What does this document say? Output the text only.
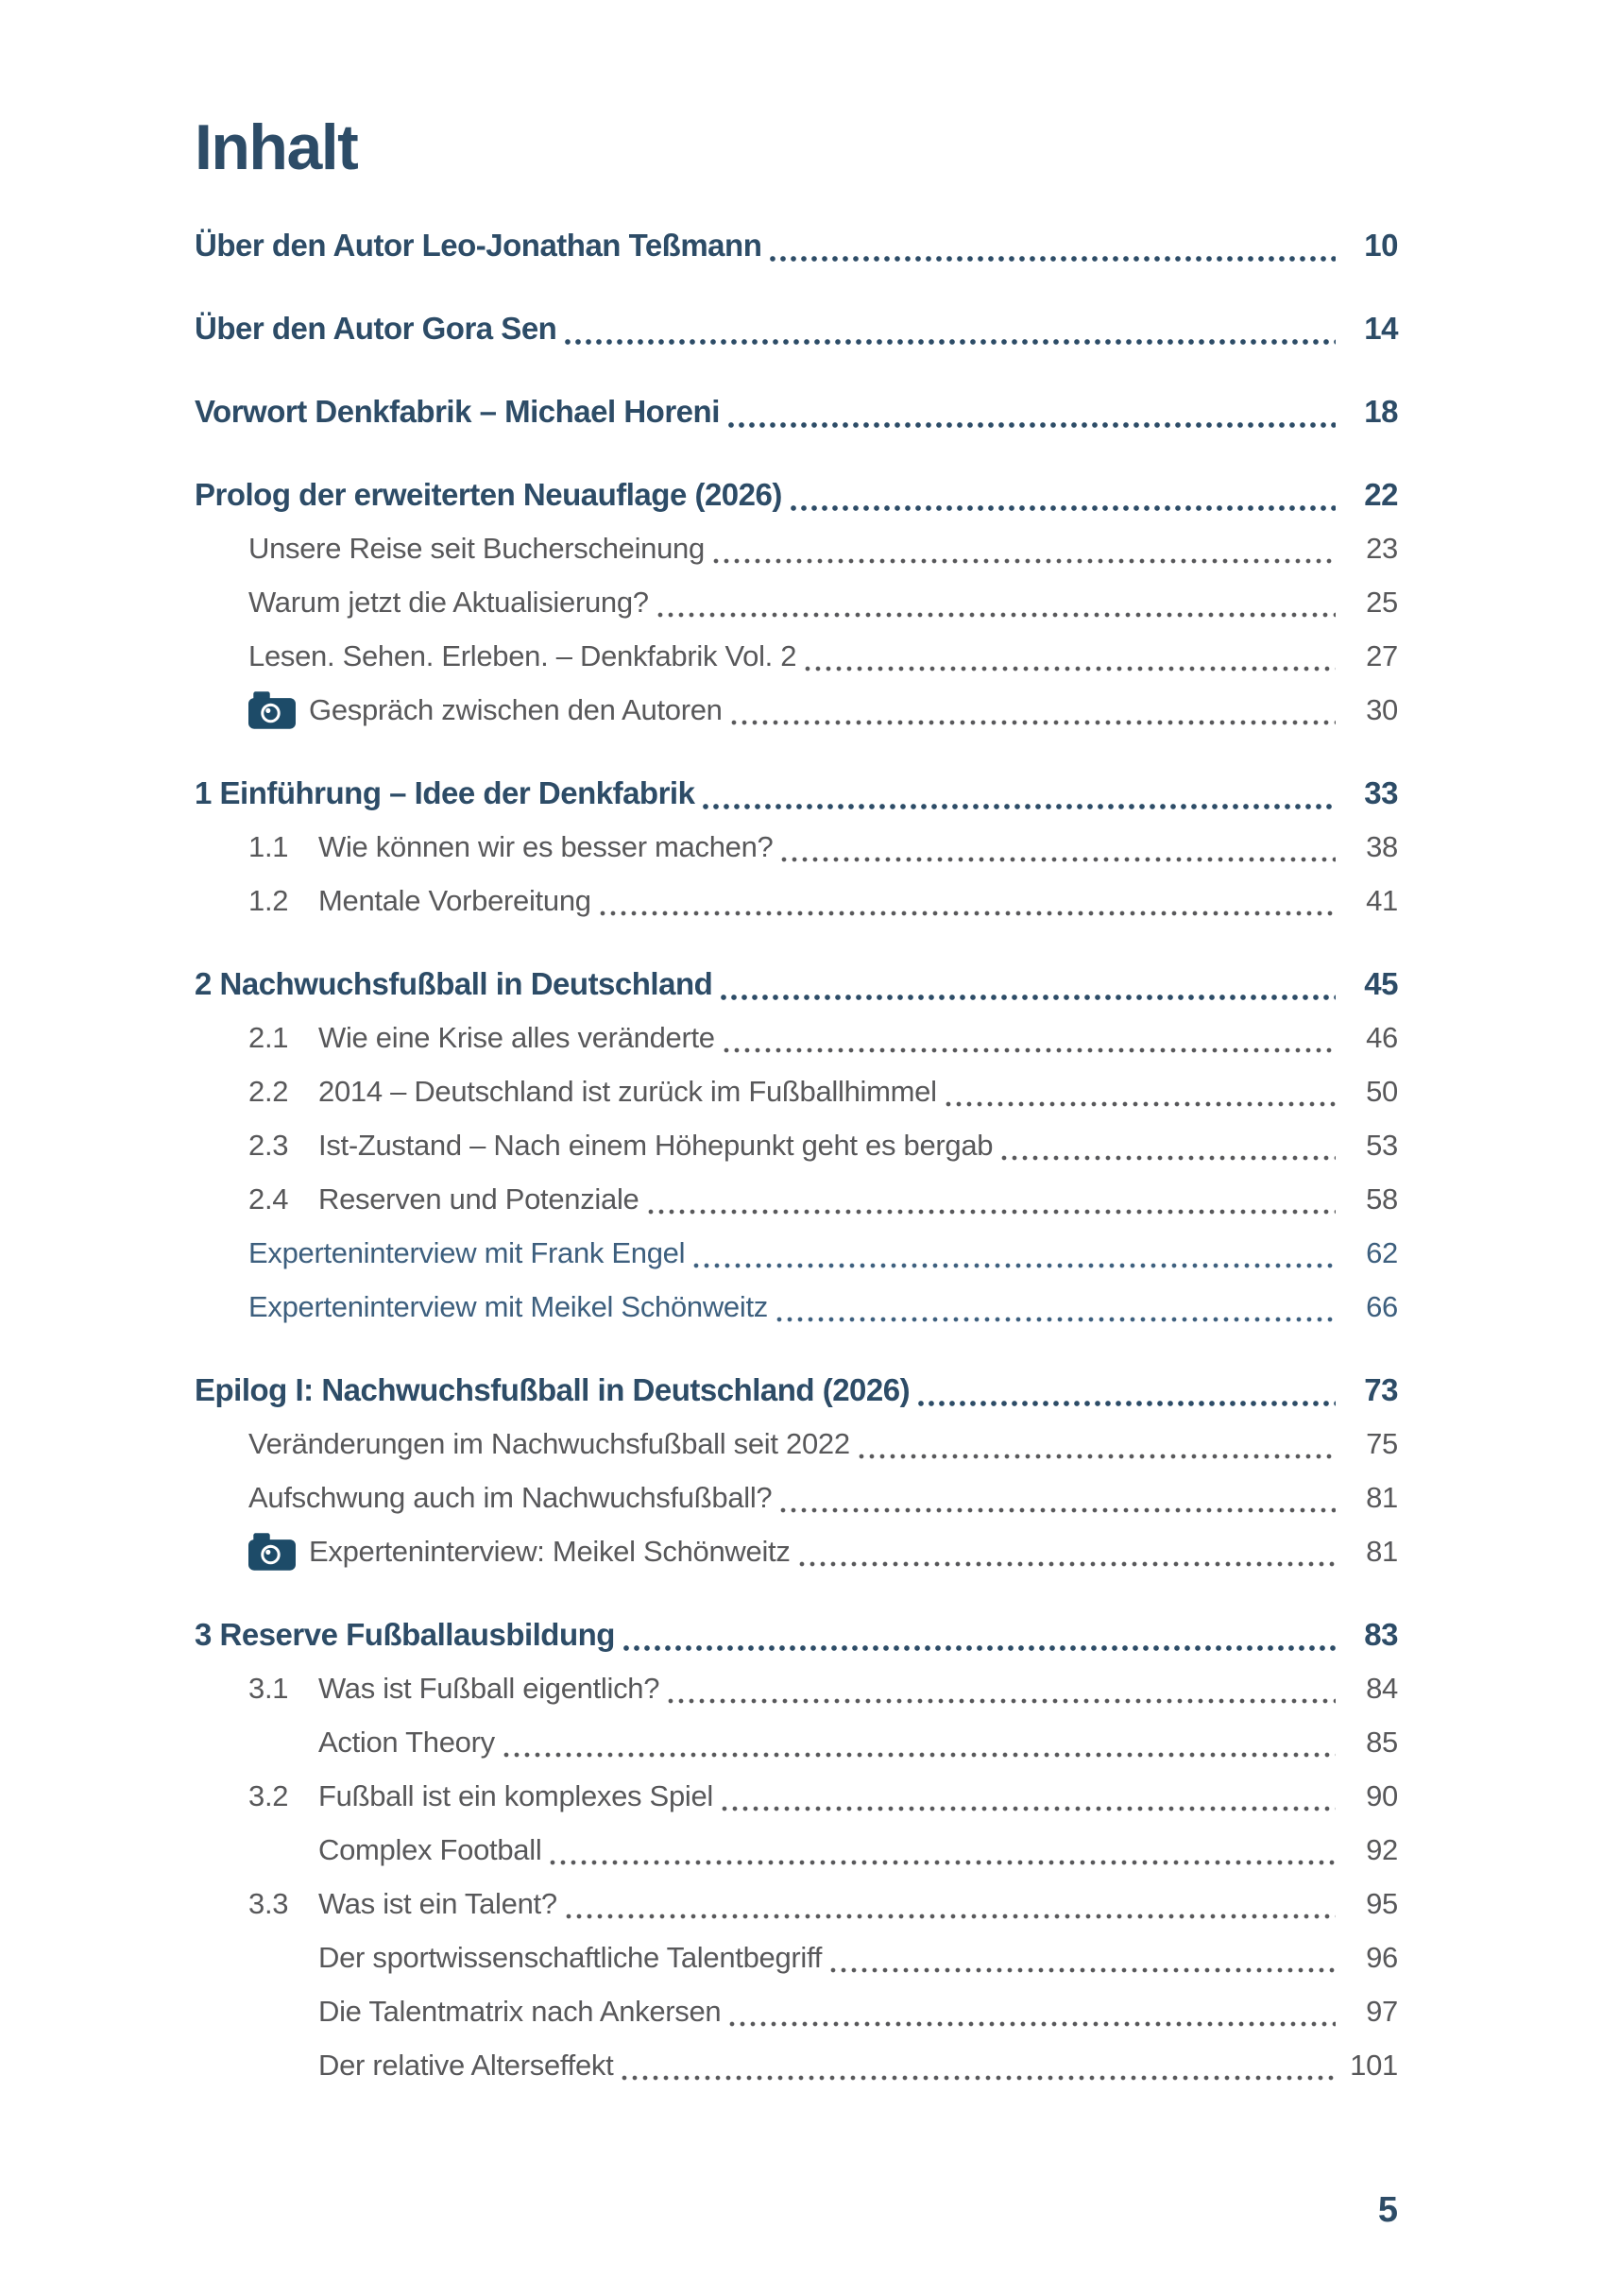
Inhalt
Über den Autor Leo-Jonathan Teßmann	10
Über den Autor Gora Sen	14
Vorwort Denkfabrik – Michael Horeni	18
Prolog der erweiterten Neuauflage (2026)	22
Unsere Reise seit Bucherscheinung	23
Warum jetzt die Aktualisierung?	25
Lesen. Sehen. Erleben. – Denkfabrik Vol. 2	27
Gespräch zwischen den Autoren	30
1 Einführung – Idee der Denkfabrik	33
1.1	Wie können wir es besser machen?	38
1.2	Mentale Vorbereitung	41
2 Nachwuchsfußball in Deutschland	45
2.1	Wie eine Krise alles veränderte	46
2.2	2014 – Deutschland ist zurück im Fußballhimmel	50
2.3	Ist-Zustand – Nach einem Höhepunkt geht es bergab	53
2.4	Reserven und Potenziale	58
Experteninterview mit Frank Engel	62
Experteninterview mit Meikel Schönweitz	66
Epilog I: Nachwuchsfußball in Deutschland (2026)	73
Veränderungen im Nachwuchsfußball seit 2022	75
Aufschwung auch im Nachwuchsfußball?	81
Experteninterview: Meikel Schönweitz	81
3 Reserve Fußballausbildung	83
3.1	Was ist Fußball eigentlich?	84
Action Theory	85
3.2	Fußball ist ein komplexes Spiel	90
Complex Football	92
3.3	Was ist ein Talent?	95
Der sportwissenschaftliche Talentbegriff	96
Die Talentmatrix nach Ankersen	97
Der relative Alterseffekt	101
5
